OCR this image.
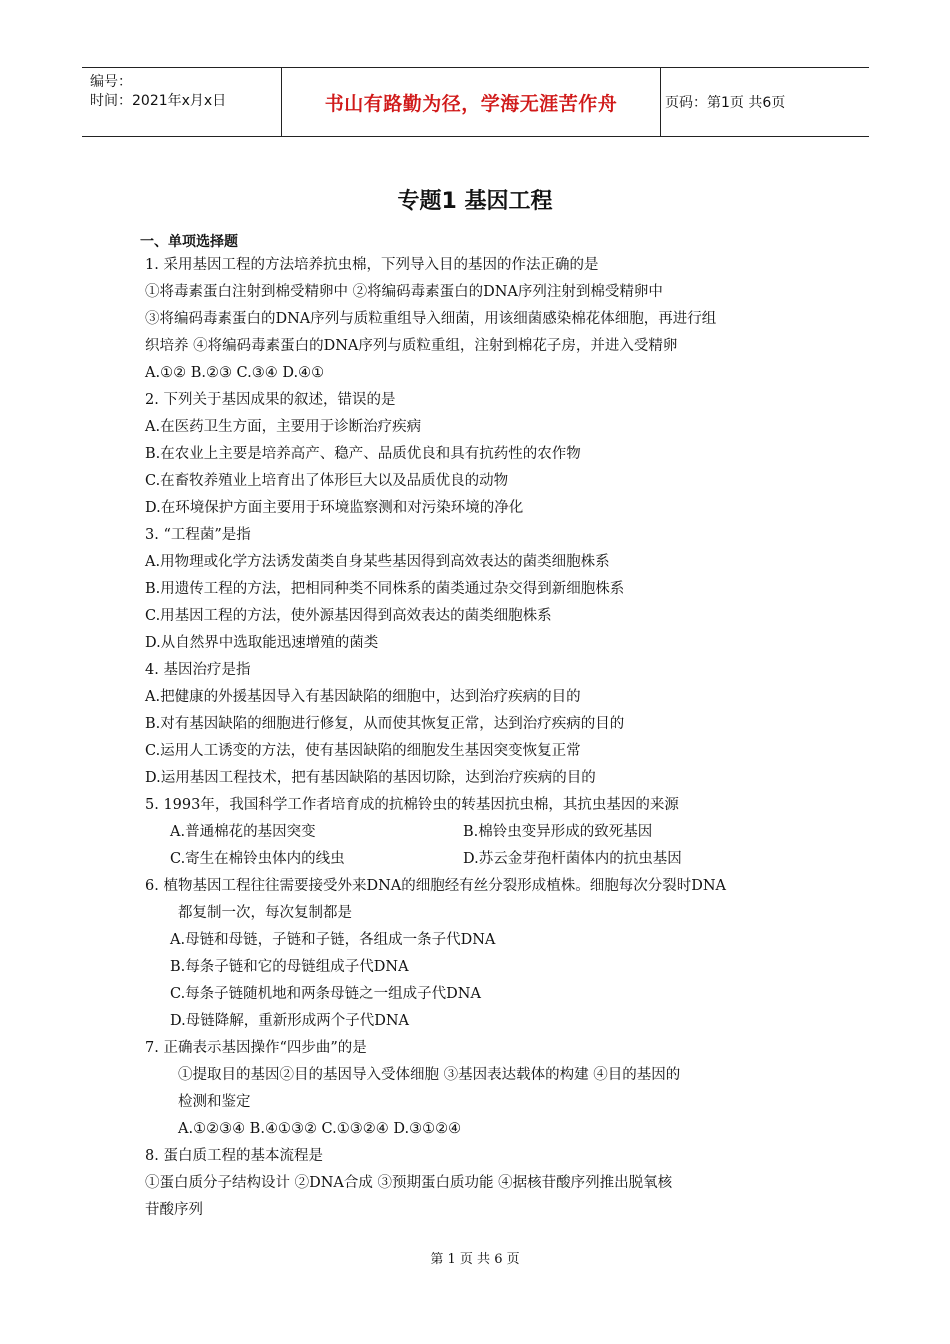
编号：
时间：2021年x月x日	书山有路勤为径，学海无涯苦作舟	页码：第1页 共6页
专题1 基因工程
一、单项选择题
1. 采用基因工程的方法培养抗虫棉，下列导入目的基因的作法正确的是
①将毒素蛋白注射到棉受精卵中 ②将编码毒素蛋白的DNA序列注射到棉受精卵中
③将编码毒素蛋白的DNA序列与质粒重组导入细菌，用该细菌感染棉花体细胞，再进行组
织培养 ④将编码毒素蛋白的DNA序列与质粒重组，注射到棉花子房，并进入受精卵
A.①② B.②③ C.③④ D.④①
2. 下列关于基因成果的叙述，错误的是
A.在医药卫生方面，主要用于诊断治疗疾病
B.在农业上主要是培养高产、稳产、品质优良和具有抗药性的农作物
C.在畜牧养殖业上培育出了体形巨大以及品质优良的动物
D.在环境保护方面主要用于环境监察测和对污染环境的净化
3. “工程菌”是指
A.用物理或化学方法诱发菌类自身某些基因得到高效表达的菌类细胞株系
B.用遗传工程的方法，把相同种类不同株系的菌类通过杂交得到新细胞株系
C.用基因工程的方法，使外源基因得到高效表达的菌类细胞株系
D.从自然界中选取能迅速增殖的菌类
4. 基因治疗是指
A.把健康的外援基因导入有基因缺陷的细胞中，达到治疗疾病的目的
B.对有基因缺陷的细胞进行修复，从而使其恢复正常，达到治疗疾病的目的
C.运用人工诱变的方法，使有基因缺陷的细胞发生基因突变恢复正常
D.运用基因工程技术，把有基因缺陷的基因切除，达到治疗疾病的目的
5. 1993年，我国科学工作者培育成的抗棉铃虫的转基因抗虫棉，其抗虫基因的来源
A.普通棉花的基因突变	B.棉铃虫变异形成的致死基因
C.寄生在棉铃虫体内的线虫	D.苏云金芽孢杆菌体内的抗虫基因
6. 植物基因工程往往需要接受外来DNA的细胞经有丝分裂形成植株。细胞每次分裂时DNA
都复制一次，每次复制都是
A.母链和母链，子链和子链，各组成一条子代DNA
B.每条子链和它的母链组成子代DNA
C.每条子链随机地和两条母链之一组成子代DNA
D.母链降解，重新形成两个子代DNA
7. 正确表示基因操作“四步曲”的是
①提取目的基因②目的基因导入受体细胞 ③基因表达载体的构建 ④目的基因的
检测和鉴定
A.①②③④ B.④①③② C.①③②④ D.③①②④
8. 蛋白质工程的基本流程是
①蛋白质分子结构设计 ②DNA合成 ③预期蛋白质功能 ④据核苷酸序列推出脱氧核
苷酸序列
第 1 页 共 6 页
